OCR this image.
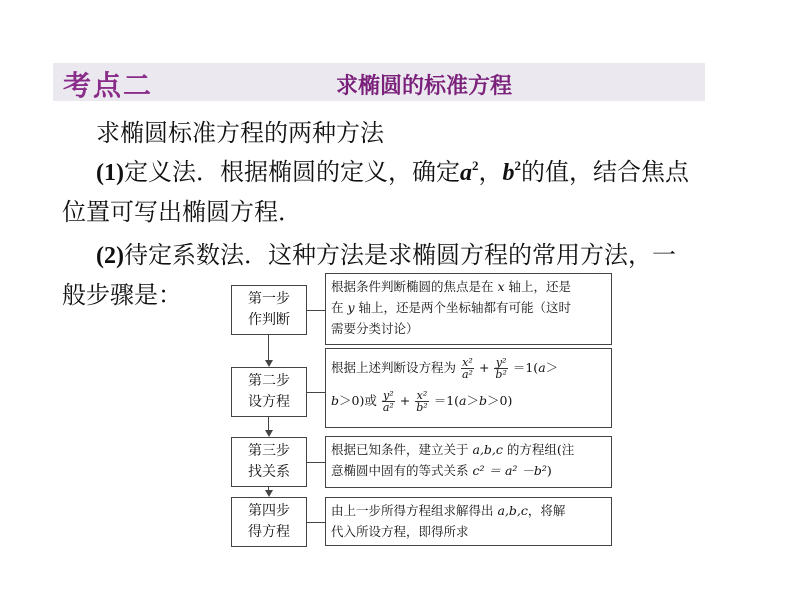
考点二	求椭圆的标准方程
求椭圆标准方程的两种方法
(1)定义法．根据椭圆的定义，确定$a^2$，$b^2$的值，结合焦点
位置可写出椭圆方程．
(2)待定系数法．这种方法是求椭圆方程的常用方法，一
般步骤是：	第一步
作判断
第二步
设方程
第三步
找关系
第四步
得方程
根据条件判断椭圆的焦点是在 x 轴上，还是
在 y 轴上，还是两个坐标轴都有可能（这时
需要分类讨论）
根据上述判断设方程为 $\frac{\text{x²}}{\text{a²}} + \frac{\text{y²}}{\text{b²}} =1(a>$
b＞0)或 $\frac{\text{y²}}{\text{a²}} + \frac{\text{x²}}{\text{b²}} =1(a>b>0)$
根据已知条件，建立关于 a,b,c 的方程组(注
意椭圆中固有的等式关系 c² ＝ a² －b²)
由上一步所得方程组求解得出 a,b,c，将解
代入所设方程，即得所求
